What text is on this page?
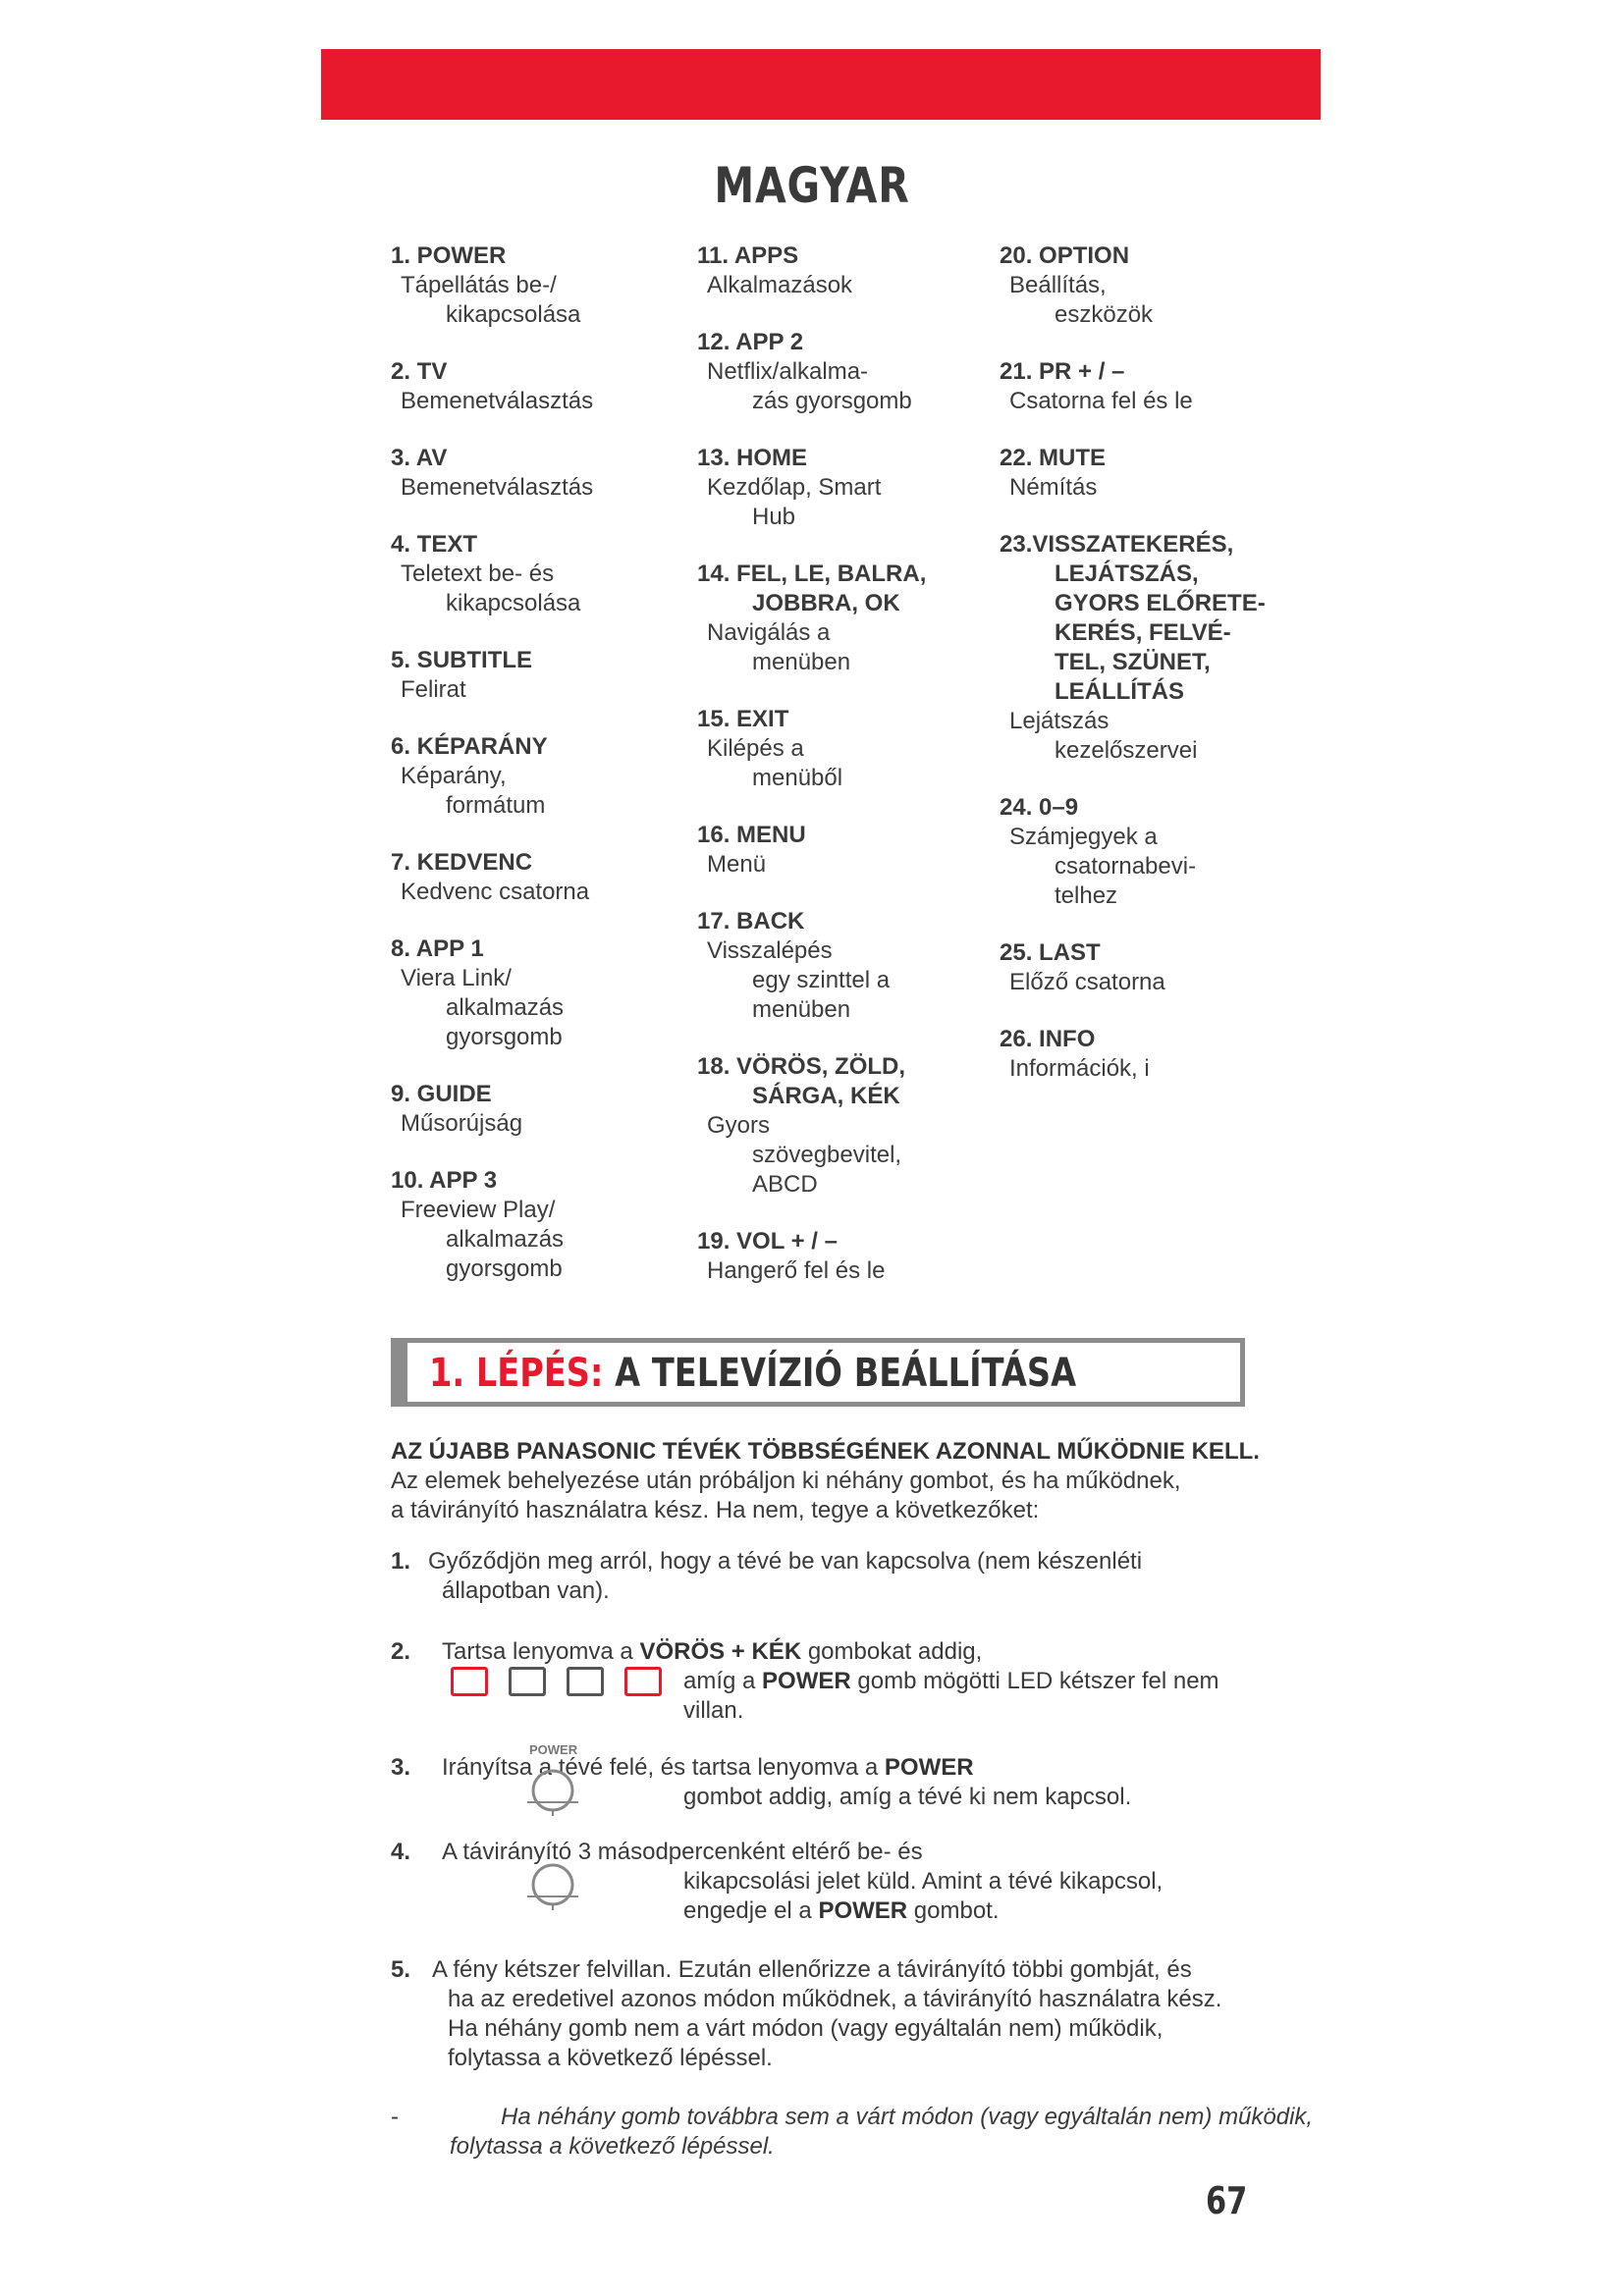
MAGYAR
1. POWER
Tápellátás be-/
kikapcsolása
2. TV
Bemenetválasztás
3. AV
Bemenetválasztás
4. TEXT
Teletext be- és
kikapcsolása
5. SUBTITLE
Felirat
6. KÉPARÁNY
Képarány,
formátum
7. KEDVENC
Kedvenc csatorna
8. APP 1
Viera Link/
alkalmazás
gyorsgomb
9. GUIDE
Műsorújság
10. APP 3
Freeview Play/
alkalmazás
gyorsgomb
11. APPS
Alkalmazások
12. APP 2
Netflix/alkalma-
zás gyorsgomb
13. HOME
Kezdőlap, Smart
Hub
14. FEL, LE, BALRA,
JOBBRA, OK
Navigálás a
menüben
15. EXIT
Kilépés a
menüből
16. MENU
Menü
17. BACK
Visszalépés
egy szinttel a
menüben
18. VÖRÖS, ZÖLD,
SÁRGA, KÉK
Gyors
szövegbevitel,
ABCD
19. VOL + / –
Hangerő fel és le
20. OPTION
Beállítás,
eszközök
21. PR + / –
Csatorna fel és le
22. MUTE
Némítás
23.VISSZATEKERÉS,
LEJÁTSZÁS,
GYORS ELŐRETE-
KERÉS, FELVÉ-
TEL, SZÜNET,
LEÁLLÍTÁS
Lejátszás
kezelőszervei
24. 0–9
Számjegyek a
csatornabevi-
telhez
25. LAST
Előző csatorna
26. INFO
Információk, i
1. LÉPÉS: A TELEVÍZIÓ BEÁLLÍTÁSA
AZ ÚJABB PANASONIC TÉVÉK TÖBBSÉGÉNEK AZONNAL MŰKÖDNIE KELL.
Az elemek behelyezése után próbáljon ki néhány gombot, és ha működnek,
a távirányító használatra kész. Ha nem, tegye a következőket:
1. Győződjön meg arról, hogy a tévé be van kapcsolva (nem készenléti
állapotban van).
2. Tartsa lenyomva a VÖRÖS + KÉK gombokat addig,
amíg a POWER gomb mögötti LED kétszer fel nem
villan.
3. Irányítsa a tévé felé, és tartsa lenyomva a POWER
gombot addig, amíg a tévé ki nem kapcsol.
POWER
4. A távirányító 3 másodpercenként eltérő be- és
kikapcsolási jelet küld. Amint a tévé kikapcsol,
engedje el a POWER gombot.
5. A fény kétszer felvillan. Ezután ellenőrizze a távirányító többi gombját, és
ha az eredetivel azonos módon működnek, a távirányító használatra kész.
Ha néhány gomb nem a várt módon (vagy egyáltalán nem) működik,
folytassa a következő lépéssel.
-	Ha néhány gomb továbbra sem a várt módon (vagy egyáltalán nem) működik,
folytassa a következő lépéssel.
67
